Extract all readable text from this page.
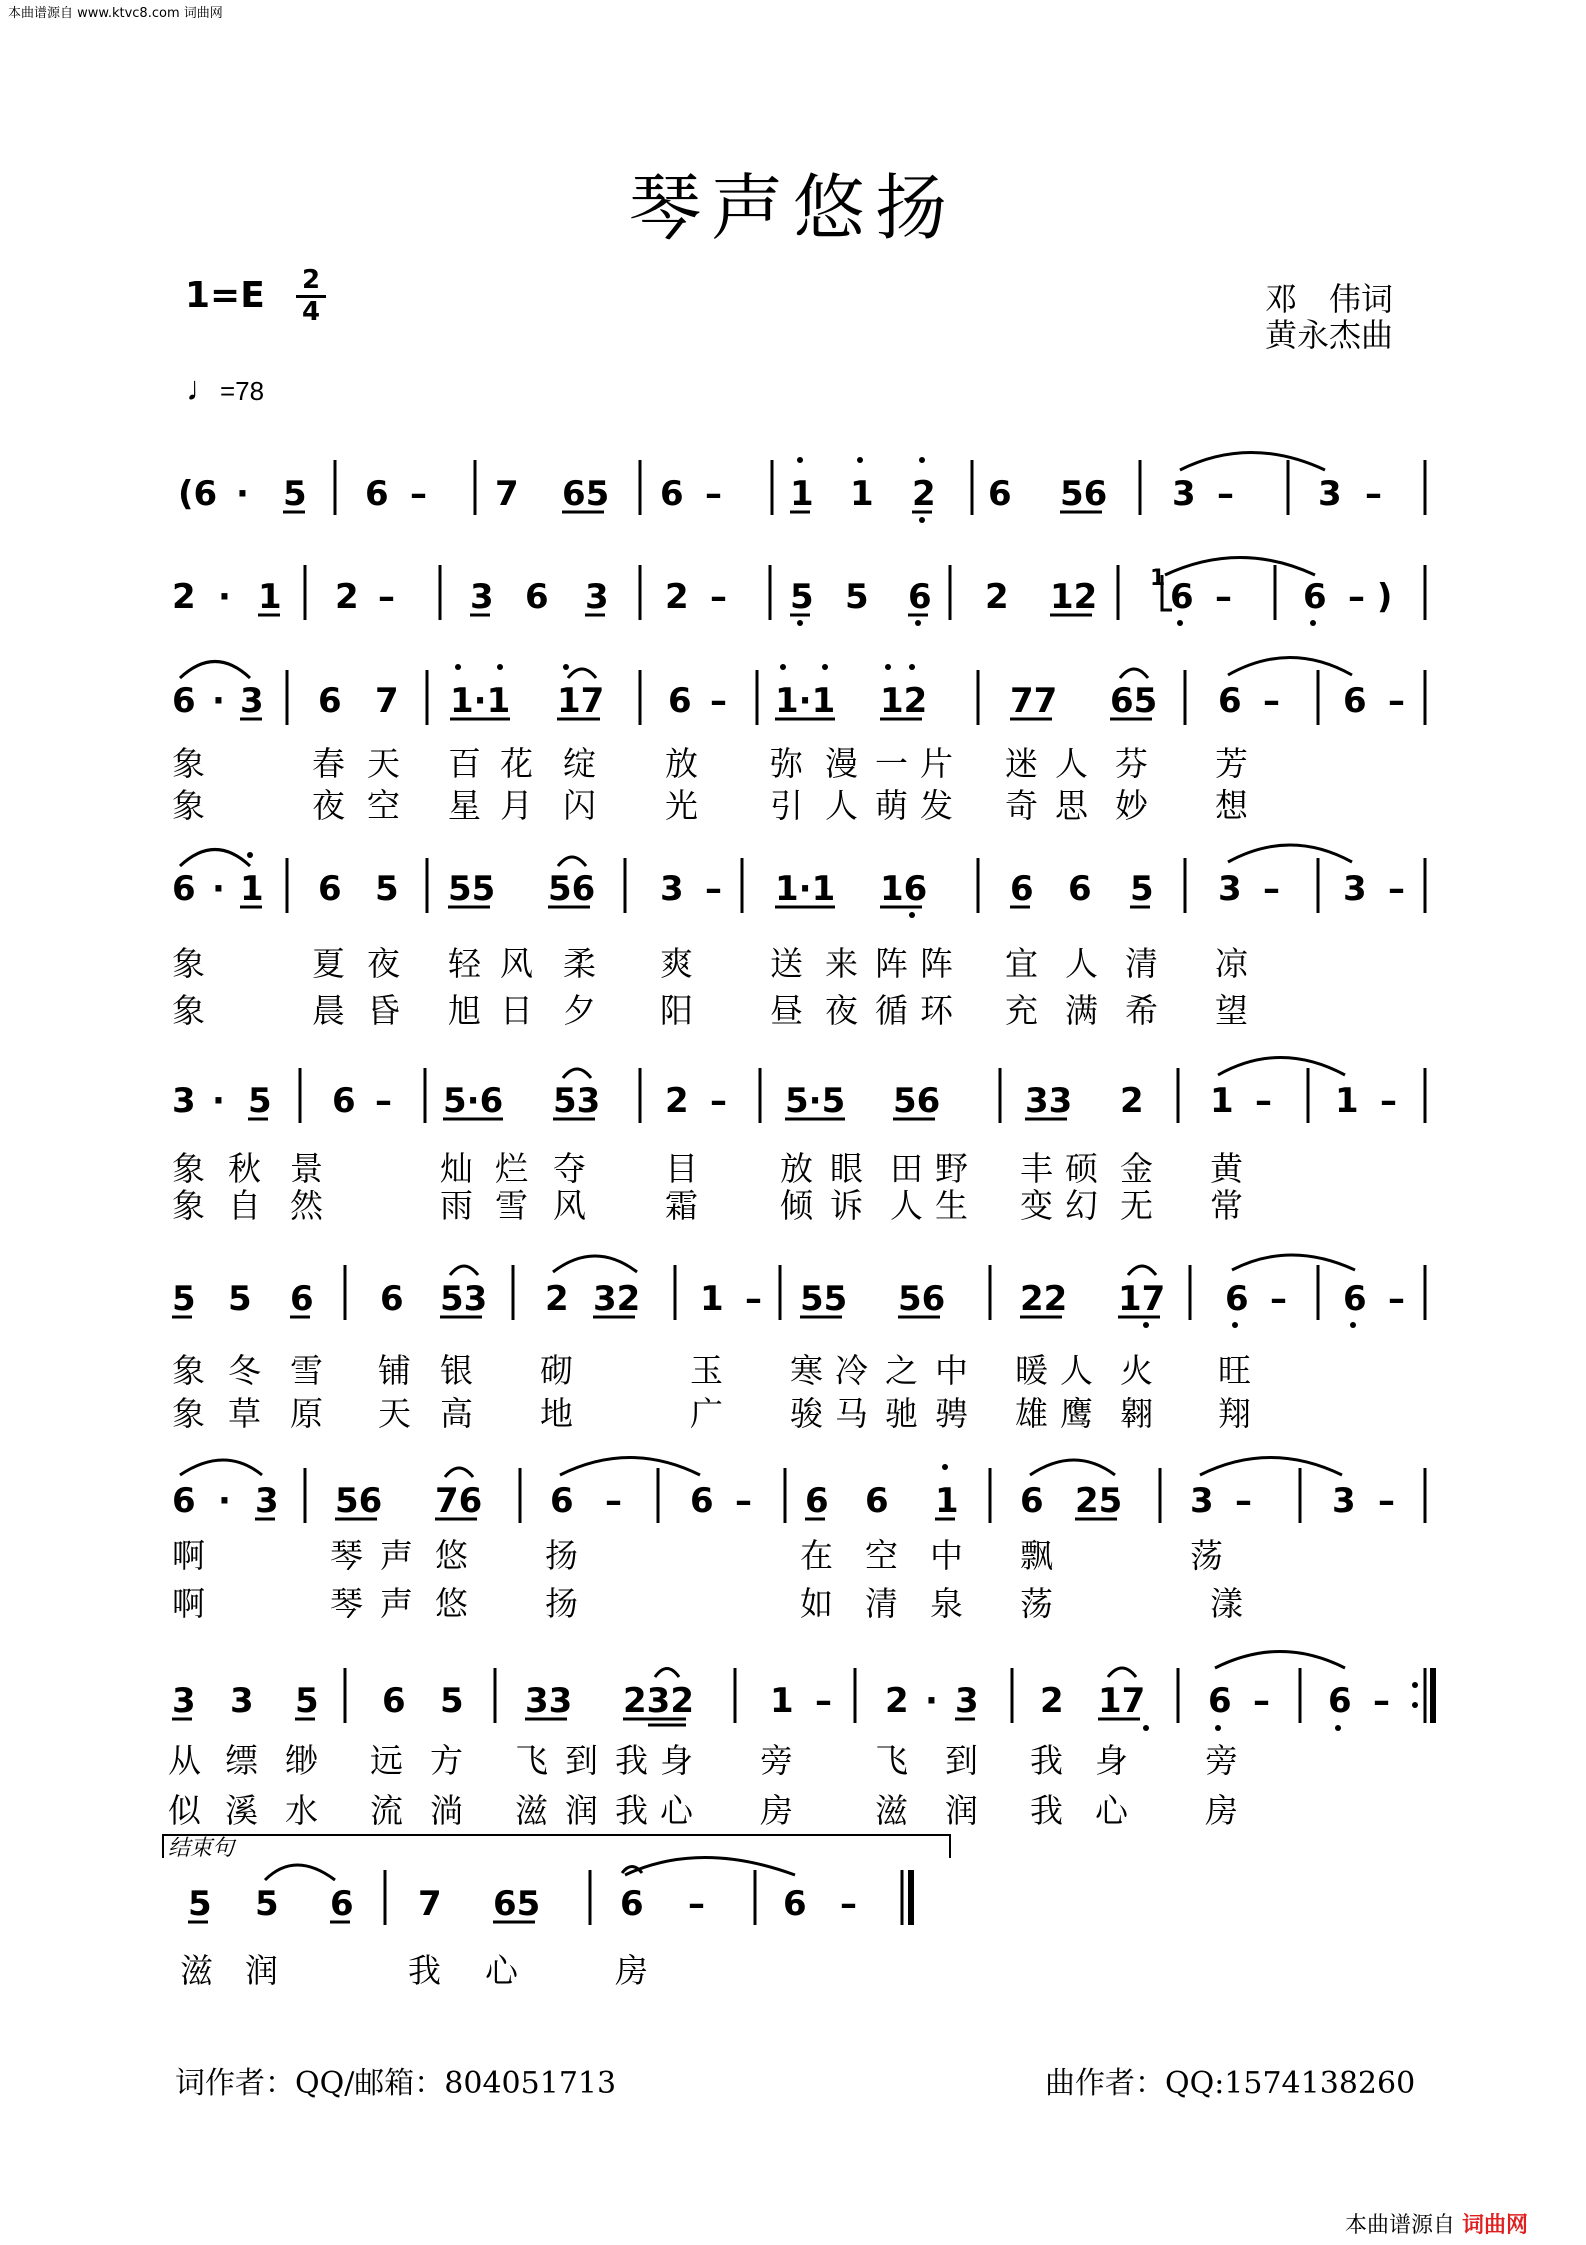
本曲谱源自 www.ktvc8.com 词曲网
琴声悠扬
$1=E \frac{2}{4}$
♩=78
邓　伟词
黄永杰曲
(6 · 5 6 – 7 65 6 – 1 1 2 6 56 3 – 3 –
2 · 1 2 – 3 6 3 2 – 5 5 6 2 12 6 – 6 – )
1
6 · 3 6 7 1·1 17 6 – 1·1 12 77 65 6 – 6 –
6 · 1 6 5 55 56 3 – 1·1 16 6 6 5 3 – 3 –
3 · 5 6 – 5·6 53 2 – 5·5 56 33 2 1 – 1 –
5 5 6 6 53 2 32 1 – 55 56 22 17 6 – 6 –
6 · 3 56 76 6 – 6 – 6 6 1 6 25 3 – 3 –
3 3 5 6 5 33 232 1 – 2 · 3 2 17 6 – 6 –
结束句
5 5 6 7 65 6 – 6 –
象	春 天 百 花 绽 放 弥 漫 一 片 迷 人 芬 芳
象	夜 空 星 月 闪 光 引 人 萌 发 奇 思 妙 想
象	夏 夜 轻 风 柔 爽 送 来 阵 阵 宜 人 清 凉
象	晨 昏 旭 日 夕 阳 昼 夜 循 环 充 满 希 望
象 秋 景	灿 烂 夺 目 放 眼 田 野 丰 硕 金 黄
象 自 然	雨 雪 风 霜 倾 诉 人 生 变 幻 无 常
象 冬 雪 铺 银 砌	玉 寒 冷 之 中 暖 人 火 旺
象 草 原 天 高 地	广 骏 马 驰 骋 雄 鹰 翱 翔
啊	琴 声 悠 扬	在 空 中 飘	荡
啊	琴 声 悠 扬	如 清 泉 荡	漾
从 缥 缈 远 方 飞 到 我 身 旁 飞 到 我 身 旁
似 溪 水 流 淌 滋 润 我 心 房 滋 润 我 心 房
滋 润	我 心	房
词作者：QQ/邮箱：804051713	曲作者：QQ:1574138260
本曲谱源自 词曲网
